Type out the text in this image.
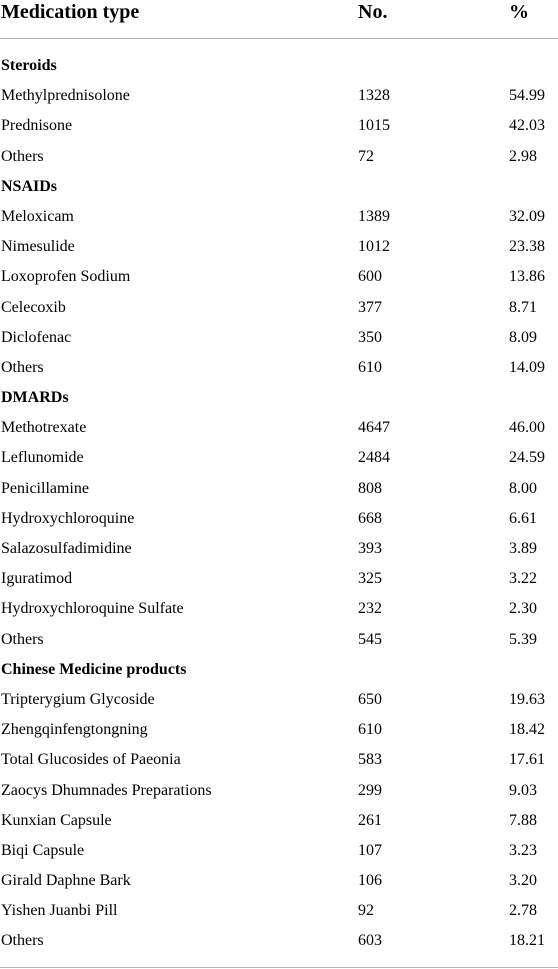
Medication type	No.	%
Steroids
Methylprednisolone	1328	54.99
Prednisone	1015	42.03
Others	72	2.98
NSAIDs
Meloxicam	1389	32.09
Nimesulide	1012	23.38
Loxoprofen Sodium	600	13.86
Celecoxib	377	8.71
Diclofenac	350	8.09
Others	610	14.09
DMARDs
Methotrexate	4647	46.00
Leflunomide	2484	24.59
Penicillamine	808	8.00
Hydroxychloroquine	668	6.61
Salazosulfadimidine	393	3.89
Iguratimod	325	3.22
Hydroxychloroquine Sulfate	232	2.30
Others	545	5.39
Chinese Medicine products
Tripterygium Glycoside	650	19.63
Zhengqinfengtongning	610	18.42
Total Glucosides of Paeonia	583	17.61
Zaocys Dhumnades Preparations	299	9.03
Kunxian Capsule	261	7.88
Biqi Capsule	107	3.23
Girald Daphne Bark	106	3.20
Yishen Juanbi Pill	92	2.78
Others	603	18.21
